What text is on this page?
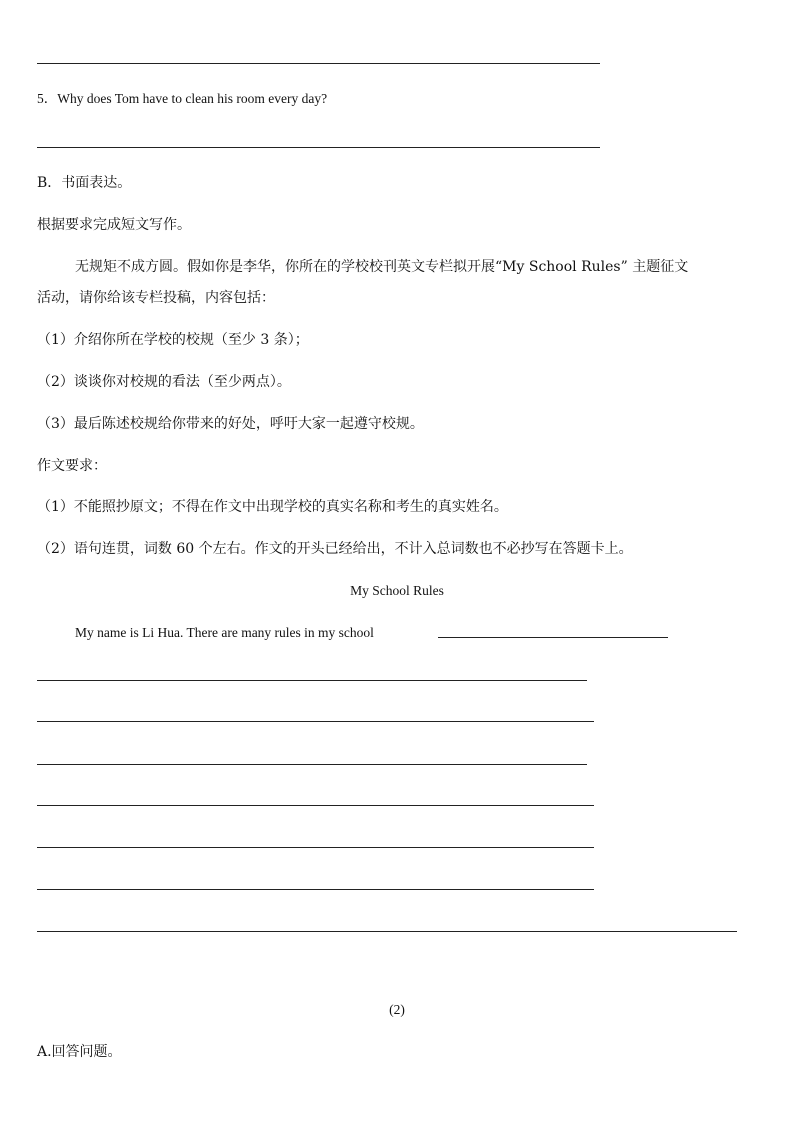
5．Why does Tom have to clean his room every day?
B．书面表达。
根据要求完成短文写作。
无规矩不成方圆。假如你是李华，你所在的学校校刊英文专栏拟开展“My School Rules” 主题征文
活动，请你给该专栏投稿，内容包括：
（1）介绍你所在学校的校规（至少 3 条）；
（2）谈谈你对校规的看法（至少两点）。
（3）最后陈述校规给你带来的好处，呼吁大家一起遵守校规。
作文要求：
（1）不能照抄原文；不得在作文中出现学校的真实名称和考生的真实姓名。
（2）语句连贯，词数 60 个左右。作文的开头已经给出，不计入总词数也不必抄写在答题卡上。
My School Rules
My name is Li Hua. There are many rules in my school
(2)
A.回答问题。
